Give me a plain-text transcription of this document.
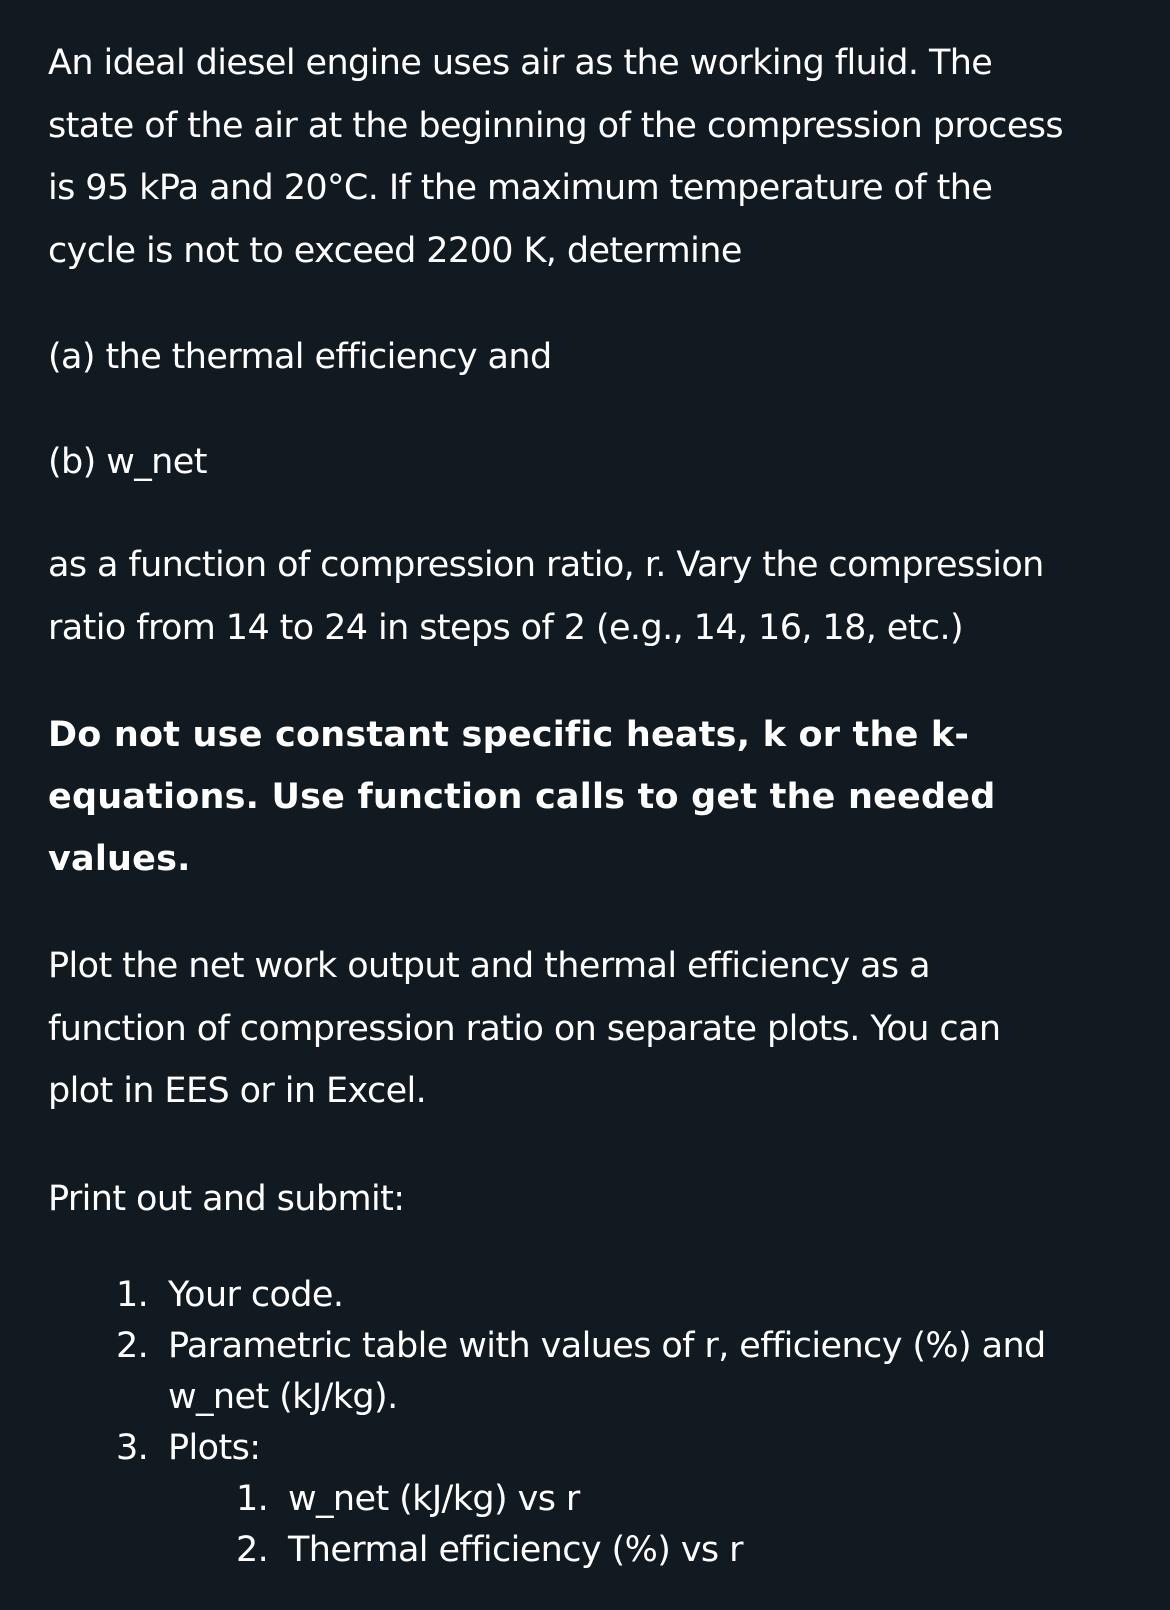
An ideal diesel engine uses air as the working fluid. The
state of the air at the beginning of the compression process
is 95 kPa and 20°C. If the maximum temperature of the
cycle is not to exceed 2200 K, determine

(a) the thermal efficiency and

(b) w_net

as a function of compression ratio, r. Vary the compression
ratio from 14 to 24 in steps of 2 (e.g., 14, 16, 18, etc.)

Do not use constant specific heats, k or the k-
equations. Use function calls to get the needed
values.

Plot the net work output and thermal efficiency as a
function of compression ratio on separate plots. You can
plot in EES or in Excel.

Print out and submit:

1. Your code.
2. Parametric table with values of r, efficiency (%) and
w_net (kJ/kg).
3. Plots:
1. w_net (kJ/kg) vs r
2. Thermal efficiency (%) vs r
